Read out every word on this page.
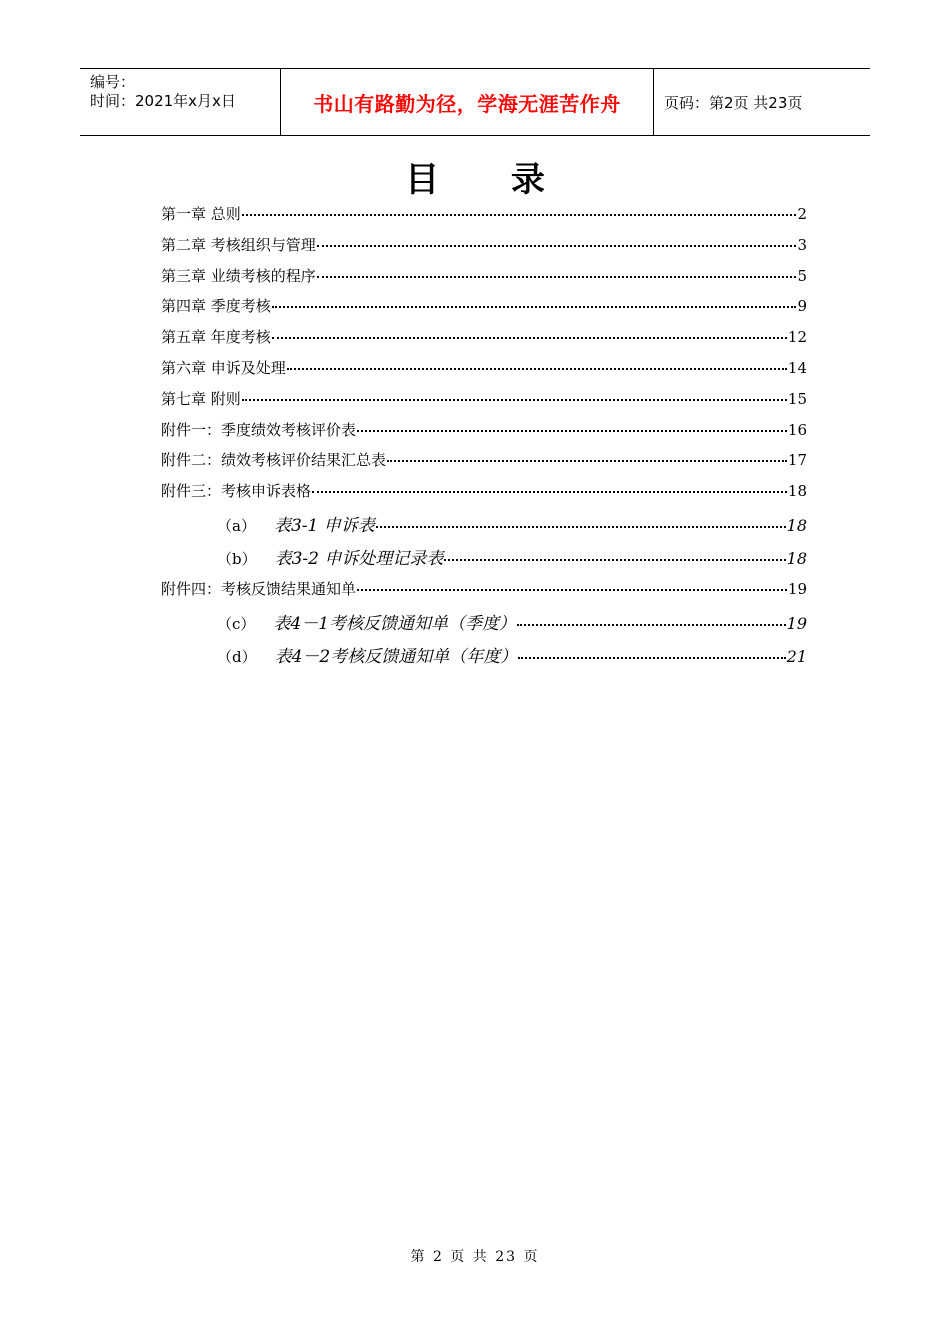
编号：
时间：2021年x月x日	书山有路勤为径，学海无涯苦作舟	页码：第2页 共23页
目 录
第一章 总则	2
第二章 考核组织与管理	3
第三章 业绩考核的程序	5
第四章 季度考核	9
第五章 年度考核	12
第六章 申诉及处理	14
第七章 附则	15
附件一：季度绩效考核评价表	16
附件二：绩效考核评价结果汇总表	17
附件三：考核申诉表格	18
（a） 表3-1 申诉表	18
（b） 表3-2 申诉处理记录表	18
附件四：考核反馈结果通知单	19
（c） 表4－1考核反馈通知单（季度）	19
（d） 表4－2考核反馈通知单（年度）	21
第 2 页 共 23 页
